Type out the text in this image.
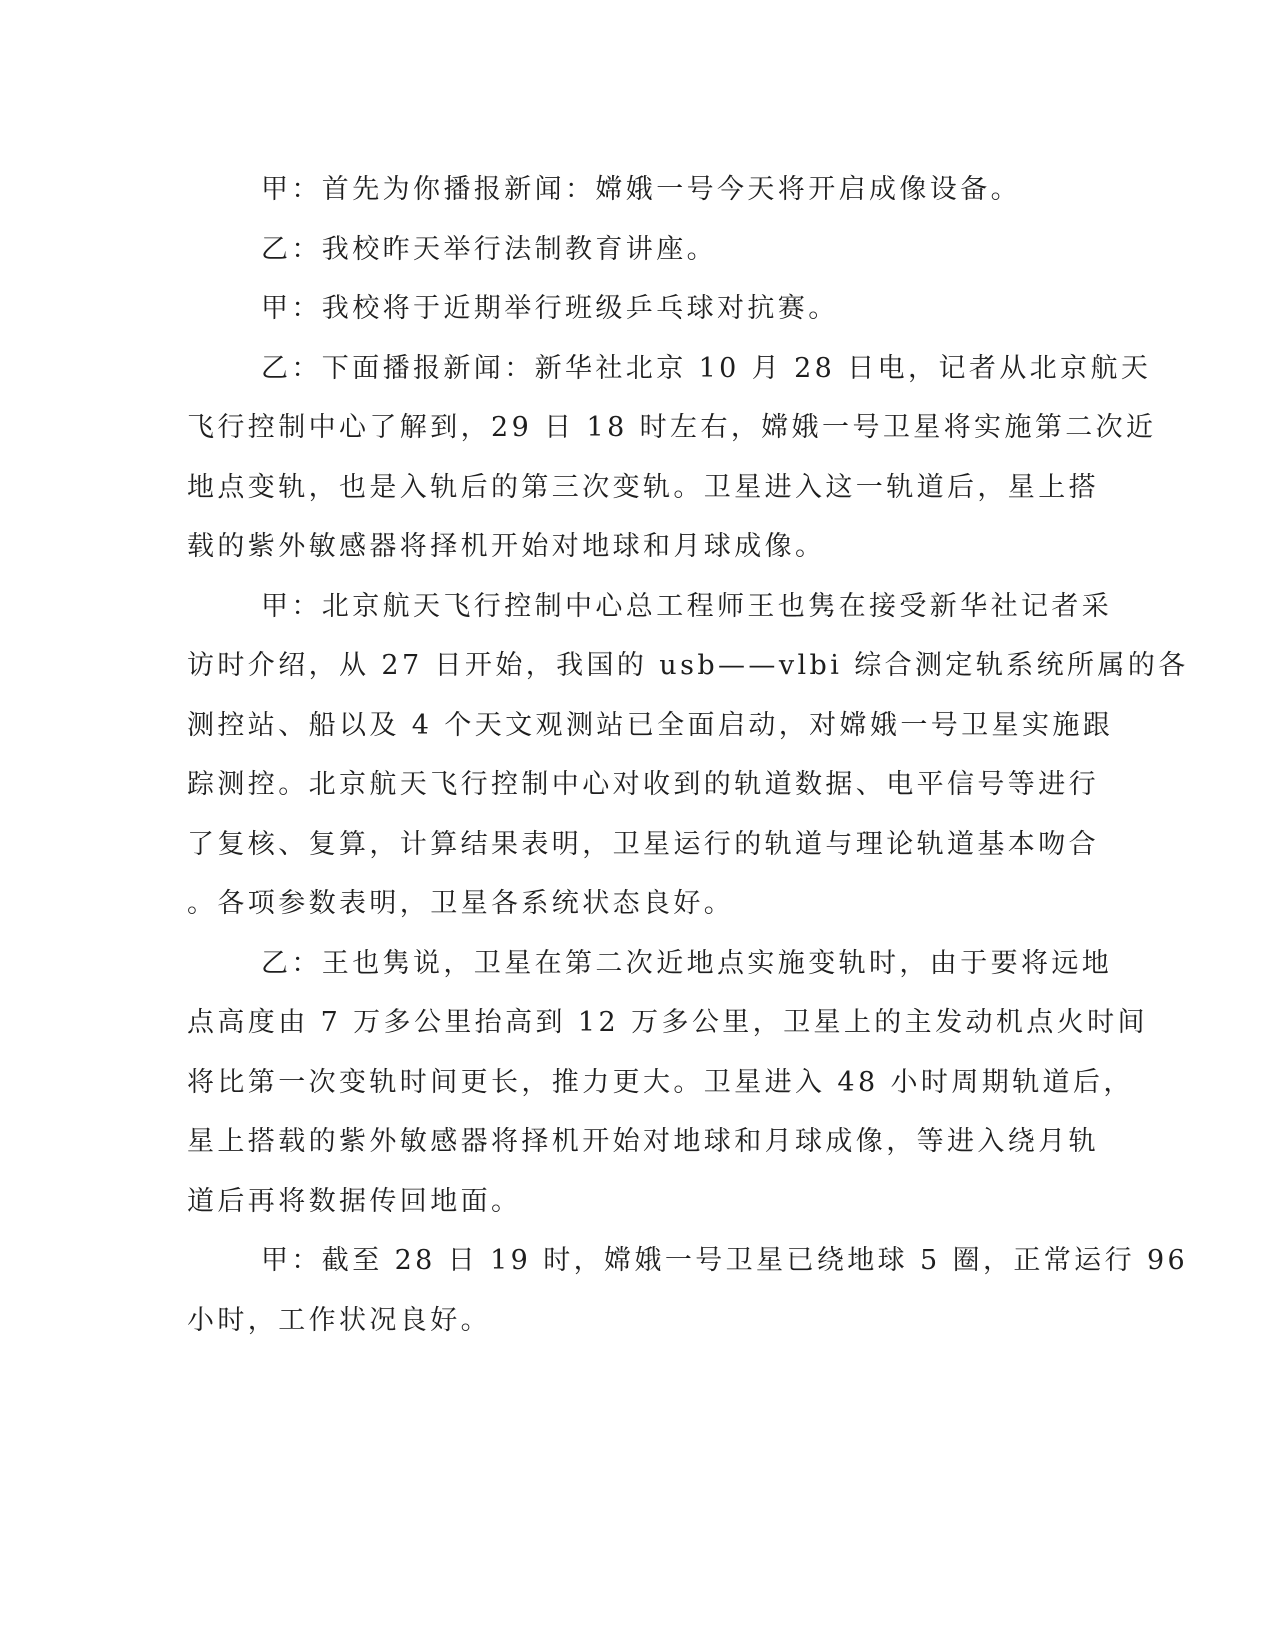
甲：首先为你播报新闻：嫦娥一号今天将开启成像设备。
乙：我校昨天举行法制教育讲座。
甲：我校将于近期举行班级乒乓球对抗赛。
乙：下面播报新闻：新华社北京 10 月 28 日电，记者从北京航天
飞行控制中心了解到，29 日 18 时左右，嫦娥一号卫星将实施第二次近
地点变轨，也是入轨后的第三次变轨。卫星进入这一轨道后，星上搭
载的紫外敏感器将择机开始对地球和月球成像。
甲：北京航天飞行控制中心总工程师王也隽在接受新华社记者采
访时介绍，从 27 日开始，我国的 usb——vlbi 综合测定轨系统所属的各
测控站、船以及 4 个天文观测站已全面启动，对嫦娥一号卫星实施跟
踪测控。北京航天飞行控制中心对收到的轨道数据、电平信号等进行
了复核、复算，计算结果表明，卫星运行的轨道与理论轨道基本吻合
。各项参数表明，卫星各系统状态良好。
乙：王也隽说，卫星在第二次近地点实施变轨时，由于要将远地
点高度由 7 万多公里抬高到 12 万多公里，卫星上的主发动机点火时间
将比第一次变轨时间更长，推力更大。卫星进入 48 小时周期轨道后，
星上搭载的紫外敏感器将择机开始对地球和月球成像，等进入绕月轨
道后再将数据传回地面。
甲：截至 28 日 19 时，嫦娥一号卫星已绕地球 5 圈，正常运行 96
小时，工作状况良好。
